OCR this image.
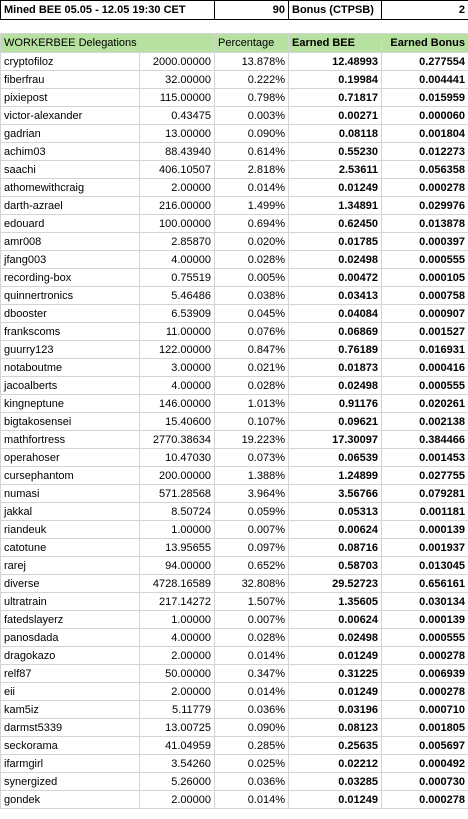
Mined BEE 05.05 - 12.05 19:30 CET		90	Bonus (CTPSB)	2

WORKERBEE Delegations		Percentage	Earned BEE	Earned Bonus
cryptofiloz	2000.00000	13.878%	12.48993	0.277554
fiberfrau	32.00000	0.222%	0.19984	0.004441
pixiepost	115.00000	0.798%	0.71817	0.015959
victor-alexander	0.43475	0.003%	0.00271	0.000060
gadrian	13.00000	0.090%	0.08118	0.001804
achim03	88.43940	0.614%	0.55230	0.012273
saachi	406.10507	2.818%	2.53611	0.056358
athomewithcraig	2.00000	0.014%	0.01249	0.000278
darth-azrael	216.00000	1.499%	1.34891	0.029976
edouard	100.00000	0.694%	0.62450	0.013878
amr008	2.85870	0.020%	0.01785	0.000397
jfang003	4.00000	0.028%	0.02498	0.000555
recording-box	0.75519	0.005%	0.00472	0.000105
quinnertronics	5.46486	0.038%	0.03413	0.000758
dbooster	6.53909	0.045%	0.04084	0.000907
frankscoms	11.00000	0.076%	0.06869	0.001527
guurry123	122.00000	0.847%	0.76189	0.016931
notaboutme	3.00000	0.021%	0.01873	0.000416
jacoalberts	4.00000	0.028%	0.02498	0.000555
kingneptune	146.00000	1.013%	0.91176	0.020261
bigtakosensei	15.40600	0.107%	0.09621	0.002138
mathfortress	2770.38634	19.223%	17.30097	0.384466
operahoser	10.47030	0.073%	0.06539	0.001453
cursephantom	200.00000	1.388%	1.24899	0.027755
numasi	571.28568	3.964%	3.56766	0.079281
jakkal	8.50724	0.059%	0.05313	0.001181
riandeuk	1.00000	0.007%	0.00624	0.000139
catotune	13.95655	0.097%	0.08716	0.001937
rarej	94.00000	0.652%	0.58703	0.013045
diverse	4728.16589	32.808%	29.52723	0.656161
ultratrain	217.14272	1.507%	1.35605	0.030134
fatedslayerz	1.00000	0.007%	0.00624	0.000139
panosdada	4.00000	0.028%	0.02498	0.000555
dragokazo	2.00000	0.014%	0.01249	0.000278
relf87	50.00000	0.347%	0.31225	0.006939
eii	2.00000	0.014%	0.01249	0.000278
kam5iz	5.11779	0.036%	0.03196	0.000710
darmst5339	13.00725	0.090%	0.08123	0.001805
seckorama	41.04959	0.285%	0.25635	0.005697
ifarmgirl	3.54260	0.025%	0.02212	0.000492
synergized	5.26000	0.036%	0.03285	0.000730
gondek	2.00000	0.014%	0.01249	0.000278
